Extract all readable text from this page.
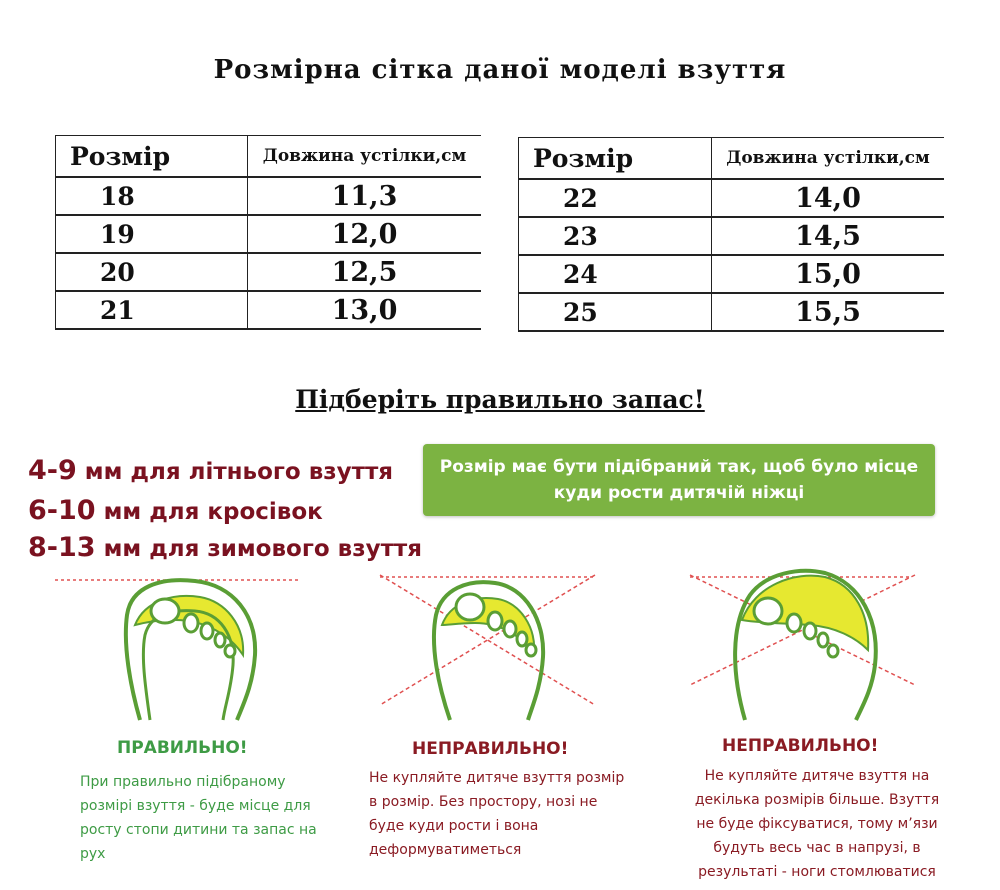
Розмірна сітка даної моделі взуття
Розмір	Довжина устілки,см
18	11,3
19	12,0
20	12,5
21	13,0
Розмір	Довжина устілки,см
22	14,0
23	14,5
24	15,0
25	15,5
Підберіть правильно запас!
4-9 мм для літнього взуття
6-10 мм для кросівок
8-13 мм для зимового взуття
Розмір має бути підібраний так, щоб було місце
куди рости дитячій ніжці
ПРАВИЛЬНО!	НЕПРАВИЛЬНО!	НЕПРАВИЛЬНО!
При правильно підібраному
розмірі взуття - буде місце для
росту стопи дитини та запас на
рух
Не купляйте дитяче взуття розмір
в розмір. Без простору, нозі не
буде куди рости і вона
деформуватиметься
Не купляйте дитяче взуття на
декілька розмірів більше. Взуття
не буде фіксуватися, тому м’язи
будуть весь час в напрузі, в
результаті - ноги стомлюватися
